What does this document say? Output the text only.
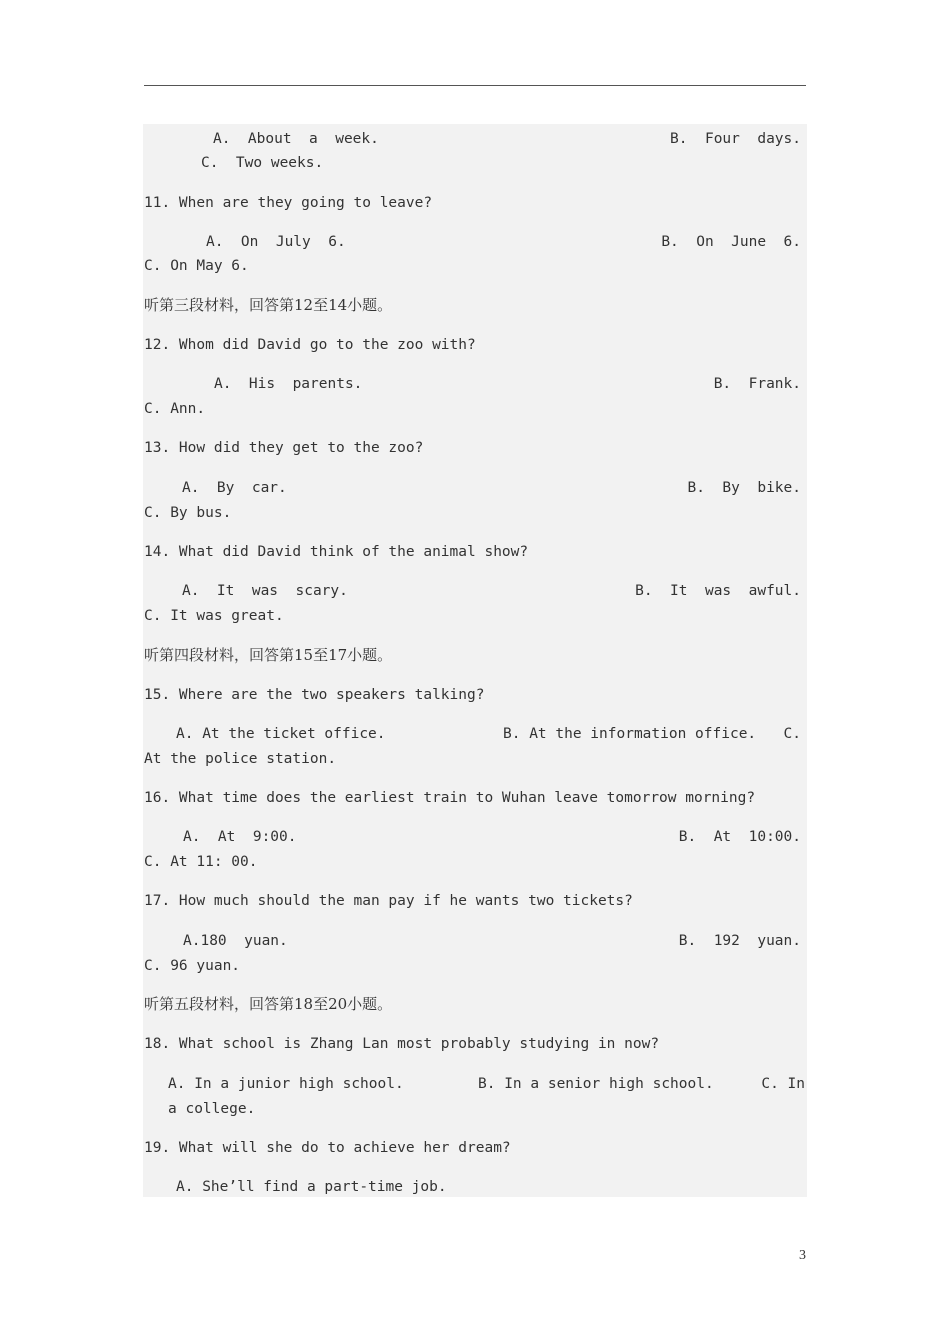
A.  About  a  week.	B.  Four  days.
C.  Two weeks.
11. When are they going to leave?
A.  On  July  6.	B.  On  June  6.
C. On May 6.
听第三段材料，回答第12至14小题。
12. Whom did David go to the zoo with?
A.  His  parents.	B.  Frank.
C. Ann.
13. How did they get to the zoo?
A.  By  car.	B.  By  bike.
C. By bus.
14. What did David think of the animal show?
A.  It  was  scary.	B.  It  was  awful.
C. It was great.
听第四段材料，回答第15至17小题。
15. Where are the two speakers talking?
A. At the ticket office.	B. At the information office. C.
At the police station.
16. What time does the earliest train to Wuhan leave tomorrow morning?
A.  At  9:00.	B.  At  10:00.
C. At 11: 00.
17. How much should the man pay if he wants two tickets?
A.180  yuan.	B.  192  yuan.
C. 96 yuan.
听第五段材料，回答第18至20小题。
18. What school is Zhang Lan most probably studying in now?
A. In a junior high school.	B. In a senior high school.	C. In
a college.
19. What will she do to achieve her dream?
A. She’ll find a part-time job.
3
